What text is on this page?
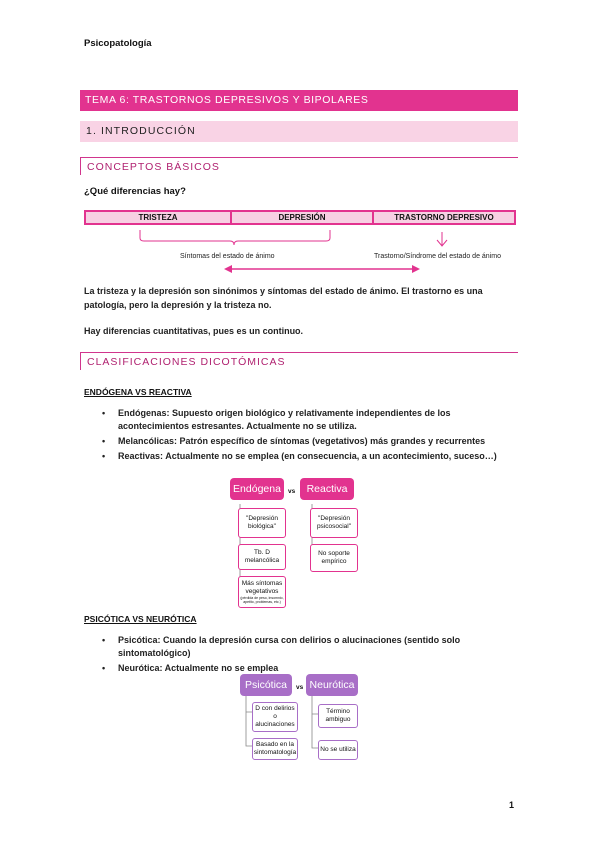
Psicopatología
TEMA 6: TRASTORNOS DEPRESIVOS Y BIPOLARES
1. INTRODUCCIÓN
CONCEPTOS BÁSICOS
¿Qué diferencias hay?
TRISTEZA	DEPRESIÓN	TRASTORNO DEPRESIVO
Síntomas del estado de ánimo	Trastorno/Síndrome del estado de ánimo
La tristeza y la depresión son sinónimos y síntomas del estado de ánimo. El trastorno es una patología, pero la depresión y la tristeza no.
Hay diferencias cuantitativas, pues es un continuo.
CLASIFICACIONES DICOTÓMICAS
ENDÓGENA VS REACTIVA
• Endógenas: Supuesto origen biológico y relativamente independientes de los acontecimientos estresantes. Actualmente no se utiliza.
• Melancólicas: Patrón específico de síntomas (vegetativos) más grandes y recurrentes
• Reactivas: Actualmente no se emplea (en consecuencia, a un acontecimiento, suceso…)
Endógena	vs	Reactiva
"Depresión biológica"
Tb. D melancólica
Más síntomas vegetativos
(pérdida de peso, insomnio, apetito, problemas, etc.)
"Depresión psicosocial"
No soporte empírico
PSICÓTICA VS NEURÓTICA
• Psicótica: Cuando la depresión cursa con delirios o alucinaciones (sentido solo sintomatológico)
• Neurótica: Actualmente no se emplea
Psicótica	vs Neurótica
D con delirios o alucinaciones
Basado en la sintomatología
Término ambiguo
No se utiliza
1
